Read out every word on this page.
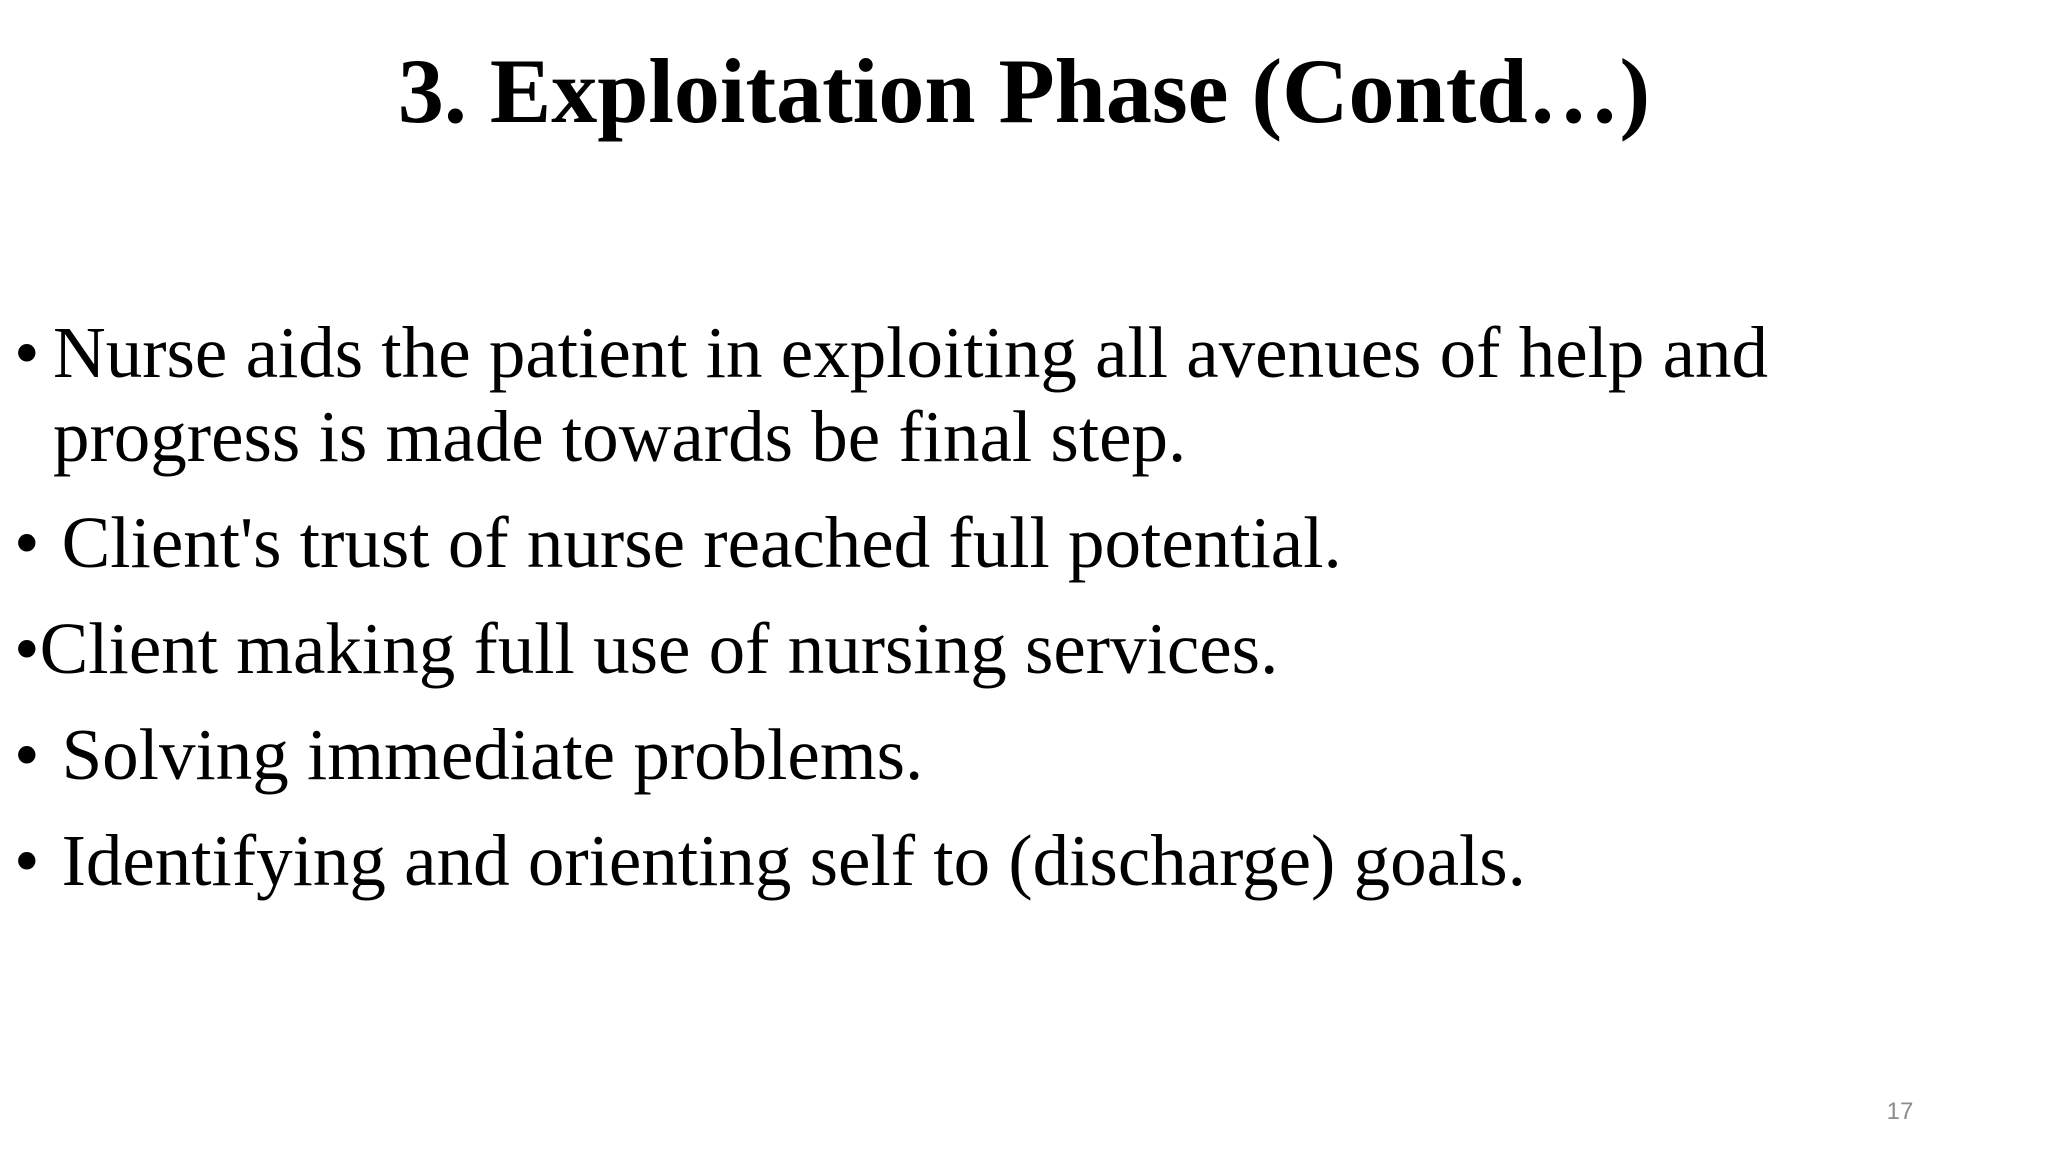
3. Exploitation Phase (Contd…)
• Nurse aids the patient in exploiting all avenues of help and progress is made towards be final step.
• Client's trust of nurse reached full potential.
•Client making full use of nursing services.
• Solving immediate problems.
• Identifying and orienting self to (discharge) goals.
17
